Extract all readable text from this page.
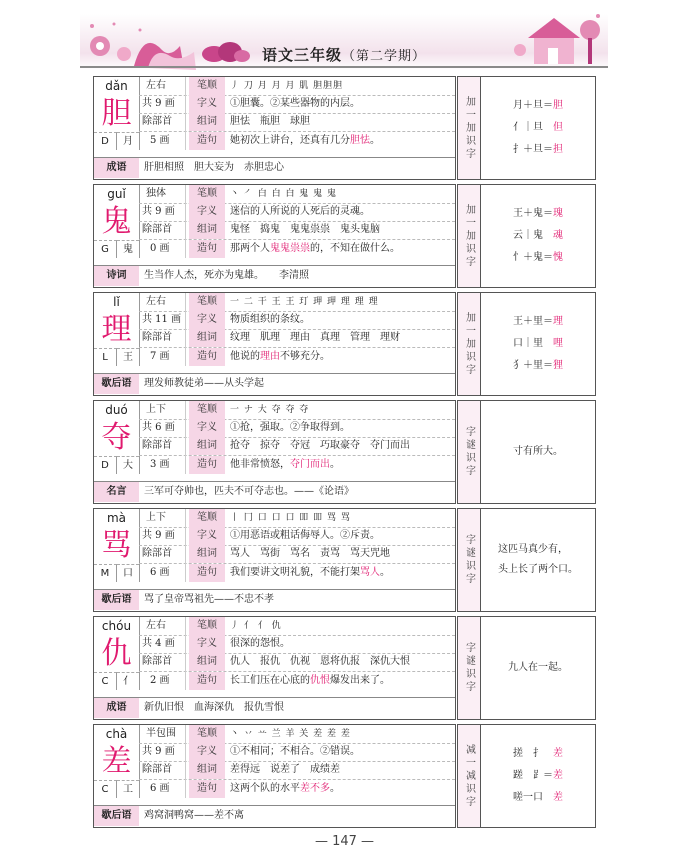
语文三年级（第二学期）
dǎn
胆
D	月
左右	笔顺	丿 刀 月 月 月 肌 胆胆胆
共 9 画	字义	①胆囊。②某些器物的内层。
除部首	组词	胆怯　瓶胆　球胆
5 画	造句	她初次上讲台，还真有几分胆怯。
成语	肝胆相照　胆大妄为　赤胆忠心
加一加识字	月＋旦＝胆
亻｜旦　但
扌＋旦＝担
guǐ
鬼
G	鬼
独体	笔顺	丶 ㇒ 白 白 白 鬼 鬼 鬼
共 9 画	字义	迷信的人所说的人死后的灵魂。
除部首	组词	鬼怪　捣鬼　鬼鬼祟祟　鬼头鬼脑
0 画	造句	那两个人鬼鬼祟祟的，不知在做什么。
诗词	生当作人杰，死亦为鬼雄。　　李清照
加一加识字	王＋鬼＝瑰
云｜鬼　魂
忄＋鬼＝愧
lǐ
理
L	王
左右	笔顺	一 二 干 王 王 玎 玾 玾 理 理 理
共 11 画	字义	物质组织的条纹。
除部首	组词	纹理　肌理　理由　真理　管理　理财
7 画	造句	他说的理由不够充分。
歇后语	理发师教徒弟——从头学起
加一加识字	王＋里＝理
口｜里　哩
犭＋里＝狸
duó
夺
D	大
上下	笔顺	一 ナ 大 夺 夺 夺
共 6 画	字义	①抢，强取。②争取得到。
除部首	组词	抢夺　掠夺　夺冠　巧取豪夺　夺门而出
3 画	造句	他非常愤怒，夺门而出。
名言	三军可夺帅也，匹夫不可夺志也。——《论语》
字谜识字	寸有所大。
mà
骂
M	口
上下	笔顺	丨 冂 口 口 口 吅 吅 骂 骂
共 9 画	字义	①用恶语或粗话侮辱人。②斥责。
除部首	组词	骂人　骂街　骂名　责骂　骂天咒地
6 画	造句	我们要讲文明礼貌，不能打架骂人。
歇后语	骂了皇帝骂祖先——不忠不孝
字谜识字 这匹马真少有，
头上长了两个口。
chóu
仇
C	亻
左右	笔顺	丿 亻 亻 仇
共 4 画	字义	很深的怨恨。
除部首	组词	仇人　报仇　仇视　恩将仇报　深仇大恨
2 画	造句	长工们压在心底的仇恨爆发出来了。
成语	新仇旧恨　血海深仇　报仇雪恨
字谜识字	九人在一起。
chà
差
C	工
半包围	笔顺	丶 丷 䒑 兰 羊 关 差 差 差
共 9 画	字义	①不相同；不相合。②错误。
除部首	组词	差得远　说差了　成绩差
6 画	造句	这两个队的水平差不多。
歇后语	鸡窝洞鸭窝——差不离
减一减识字	搓　扌　差
蹉　⻊＝差
嗟一口　差
— 147 —
